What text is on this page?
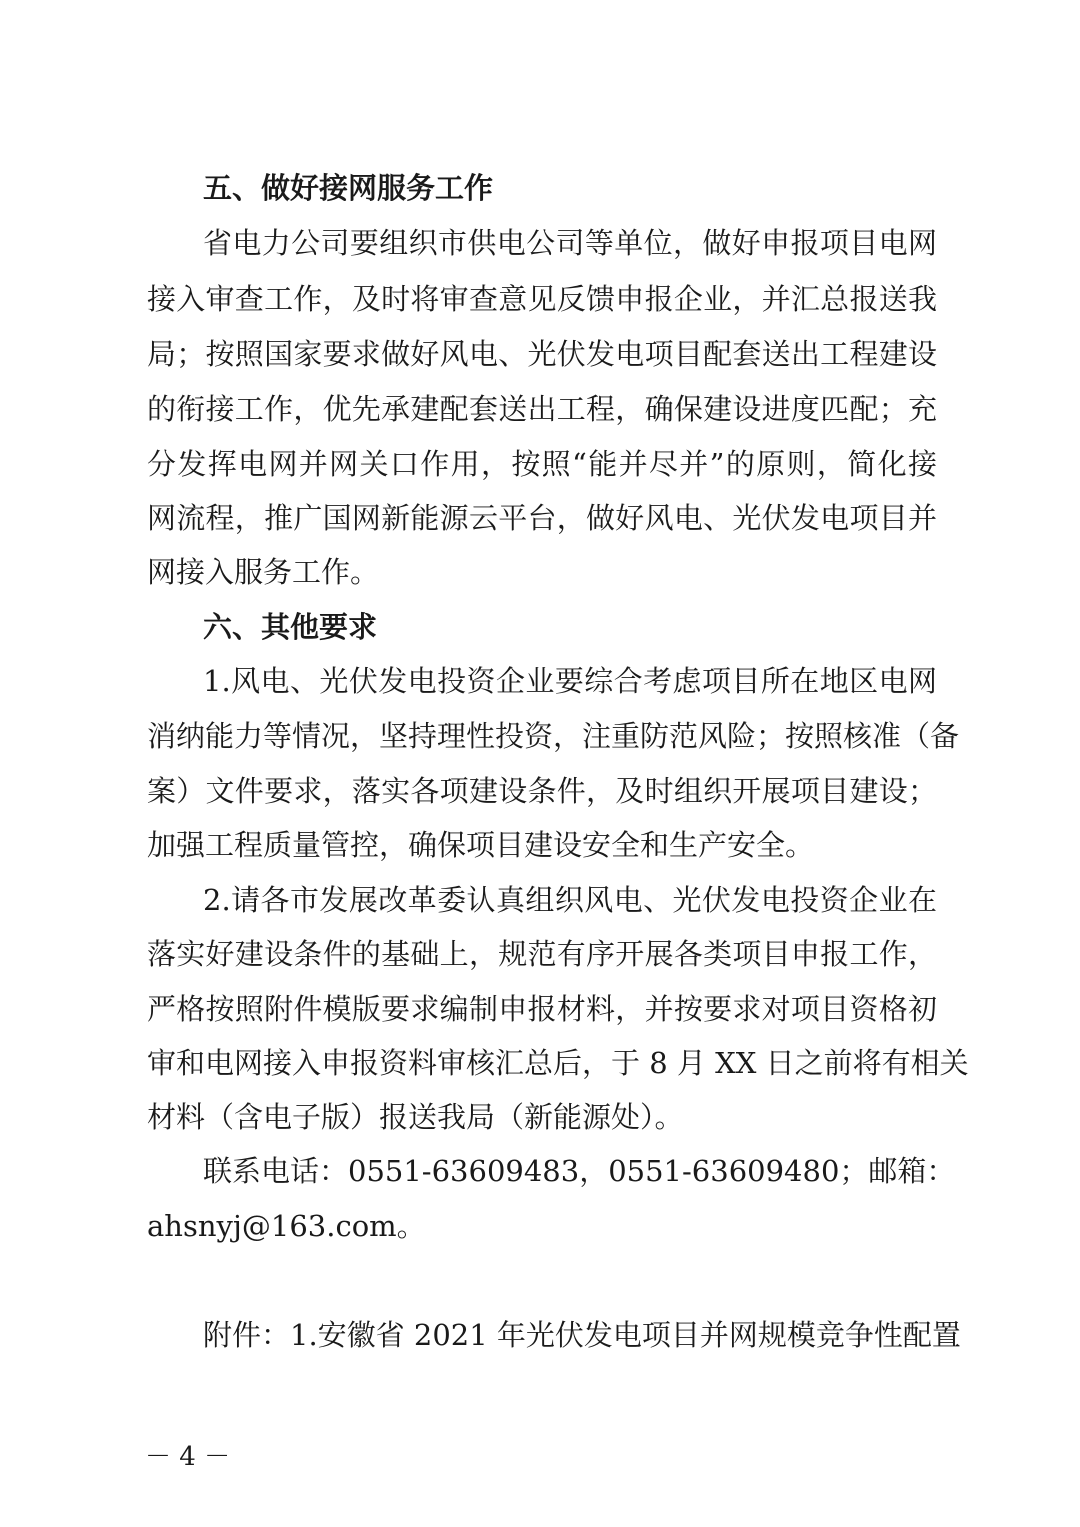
五、做好接网服务工作
省电力公司要组织市供电公司等单位，做好申报项目电网
接入审查工作，及时将审查意见反馈申报企业，并汇总报送我
局；按照国家要求做好风电、光伏发电项目配套送出工程建设
的衔接工作，优先承建配套送出工程，确保建设进度匹配；充
分发挥电网并网关口作用，按照“能并尽并”的原则，简化接
网流程，推广国网新能源云平台，做好风电、光伏发电项目并
网接入服务工作。
六、其他要求
1.风电、光伏发电投资企业要综合考虑项目所在地区电网
消纳能力等情况，坚持理性投资，注重防范风险；按照核准（备
案）文件要求，落实各项建设条件，及时组织开展项目建设；
加强工程质量管控，确保项目建设安全和生产安全。
2.请各市发展改革委认真组织风电、光伏发电投资企业在
落实好建设条件的基础上，规范有序开展各类项目申报工作，
严格按照附件模版要求编制申报材料，并按要求对项目资格初
审和电网接入申报资料审核汇总后，于 8 月 XX 日之前将有相关
材料（含电子版）报送我局（新能源处）。
联系电话：0551-63609483，0551-63609480；邮箱：
ahsnyj@163.com。
附件：1.安徽省 2021 年光伏发电项目并网规模竞争性配置
－ 4 －
